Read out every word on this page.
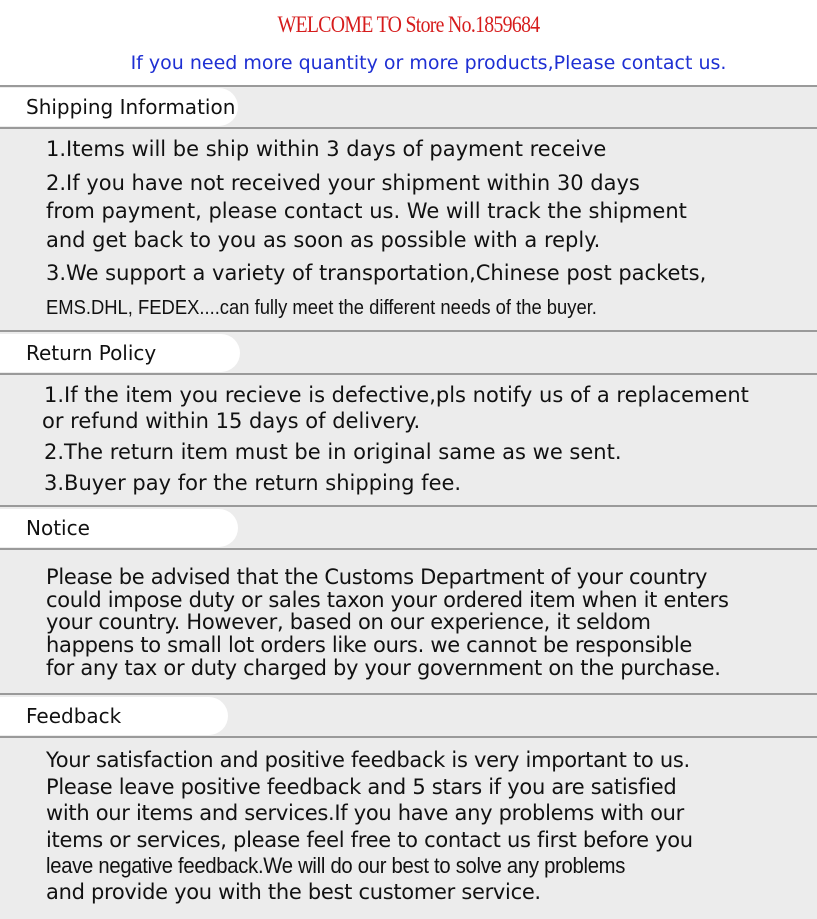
WELCOME TO Store No.1859684
If you need more quantity or more products,Please contact us.
Shipping Information
1.Items will be ship within 3 days of payment receive
2.If you have not received your shipment within 30 days
from payment, please contact us. We will track the shipment
and get back to you as soon as possible with a reply.
3.We support a variety of transportation,Chinese post packets,
EMS.DHL, FEDEX....can fully meet the different needs of the buyer.
Return Policy
1.If the item you recieve is defective,pls notify us of a replacement
or refund within 15 days of delivery.
2.The return item must be in original same as we sent.
3.Buyer pay for the return shipping fee.
Notice
Please be advised that the Customs Department of your country
could impose duty or sales taxon your ordered item when it enters
your country. However, based on our experience, it seldom
happens to small lot orders like ours. we cannot be responsible
for any tax or duty charged by your government on the purchase.
Feedback
Your satisfaction and positive feedback is very important to us.
Please leave positive feedback and 5 stars if you are satisfied
with our items and services.If you have any problems with our
items or services, please feel free to contact us first before you
leave negative feedback.We will do our best to solve any problems
and provide you with the best customer service.
